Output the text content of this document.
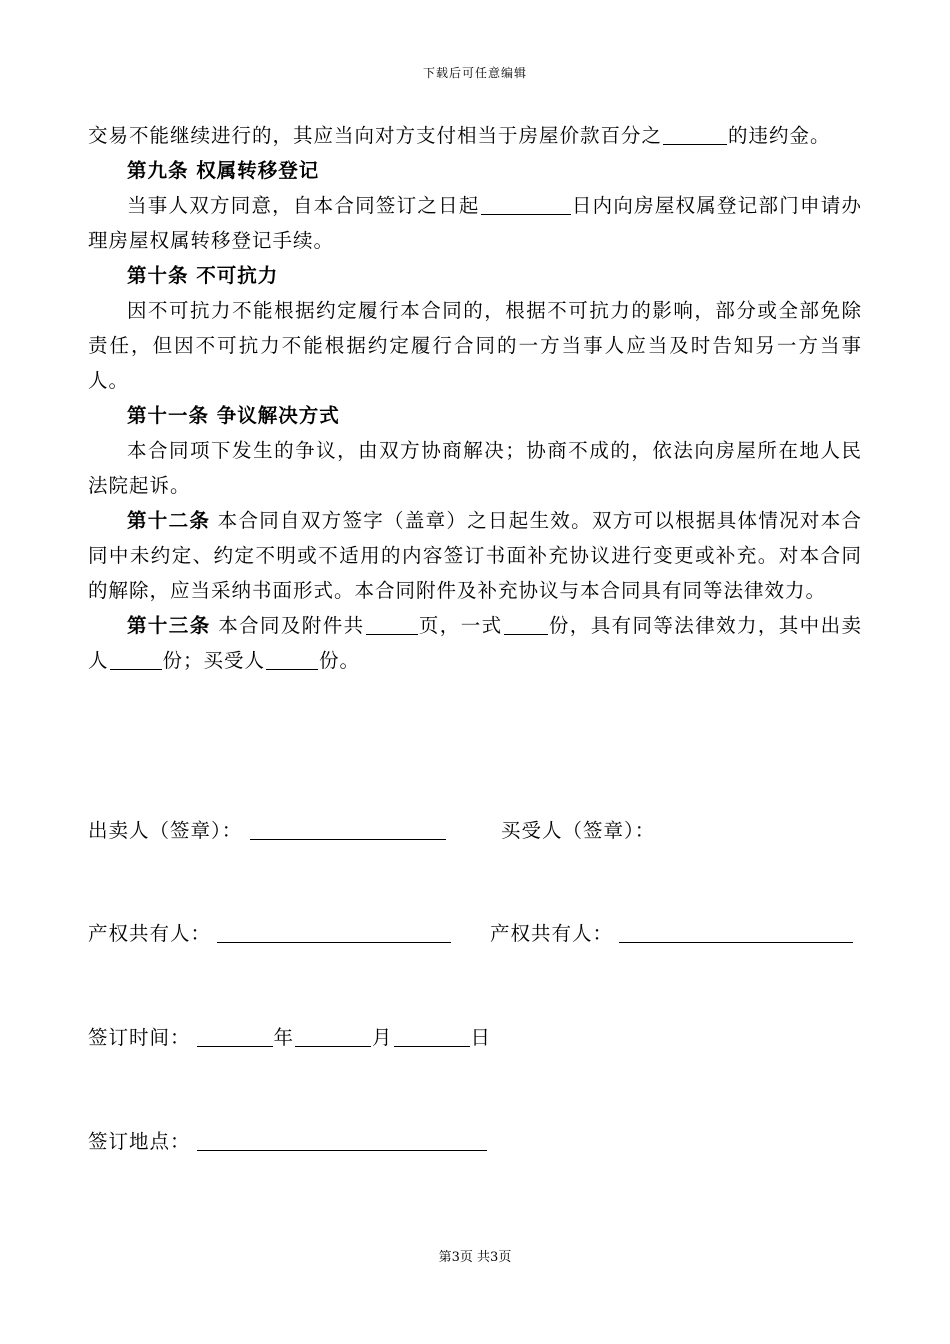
下载后可任意编辑

交易不能继续进行的，其应当向对方支付相当于房屋价款百分之	的违约金。

第九条 权属转移登记

当事人双方同意，自本合同签订之日起	日内向房屋权属登记部门申请办理房屋权属转移登记手续。

第十条 不可抗力

因不可抗力不能根据约定履行本合同的，根据不可抗力的影响，部分或全部免除责任，但因不可抗力不能根据约定履行合同的一方当事人应当及时告知另一方当事人。

第十一条 争议解决方式

本合同项下发生的争议，由双方协商解决；协商不成的，依法向房屋所在地人民法院起诉。

第十二条 本合同自双方签字（盖章）之日起生效。双方可以根据具体情况对本合同中未约定、约定不明或不适用的内容签订书面补充协议进行变更或补充。对本合同的解除，应当采纳书面形式。本合同附件及补充协议与本合同具有同等法律效力。

第十三条 本合同及附件共	页，一式 份，具有同等法律效力，其中出卖人	份；买受人	份。

出卖人（签章）：	买受人（签章）：
产权共有人：	产权共有人：
签订时间：	年	月	日
签订地点：
第3页 共3页
